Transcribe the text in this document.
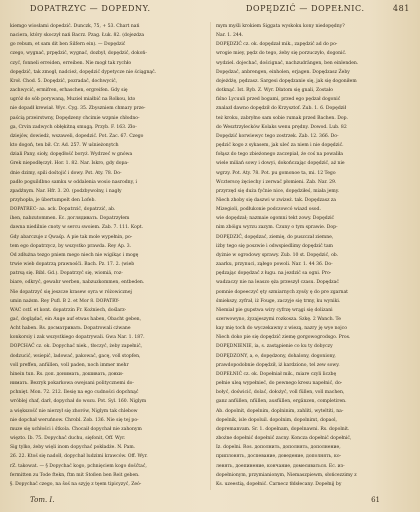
DOPATRZYC — DOPEDNY.	DOPĘDZIĆ — DOPEŁNIC.	481

kiemgo wiosłami dopedzić. Dunczk, 75, + 53. Chart nań

naciera, który skoczył nań Bacrz. Pzag. Łuk. 82. (dojezdza

go rebum, et sam dit ben Silfern ein). — Dopędzić

czego, wygnać, prpędzić, wygnać, dozbył, dopędzić, dokoń-

czyć, fonneli erreiden, erreiben. Nie mogł tak rychło

dopędzić, tak zmogł, nadcież, dopędzić dypetycze nie ściągnąć.

Kroł. Chod. 5. Dopędzić, pozradać, dochwycić,

zachwycić, ermifren, erhaschen, ergreifen. Gdy się

ugróż do sób porywaną, Muziel miałbić na Rolkou, kto

nie dopadł krewiał. Wyc. Cyg. 35. Zbyszniem chmary prze-

paścią przeirstwny, Dopędzeny chcimie wzpnie chłodno-

ga, Crvin zadwych obłękitną smugą. Przyb. F. 163. Zło-

dziejów, dowiedż, wszaweli, dopedzić. Pot. Zac. 67. Czego

kto dogoń, ten bił. Cr. Ad. 257. W uśnieżonytch

dziali Pany, sioły, dopędłość boryż. Wydrzeć w gnówa

Grek niepodłęczył. Hor. 1. 82. Nar. Iskro, gdy dopa-

dnie dzimy, spili dośtojić i dowy. Pst. Aty. 78. Do-

padło poguildbno samku w oddalenia wosio nasrodny, i

zpadźnym. Nar. Hfr. 3. 20. (podzbywolny, i nagły

przyhopła, je übertumpelt den Lofeb.

DOPATREC- aa. ack. Dopatrzić, dopatrzić, ab.

ihen, nabzutommen. Ec. доглядивать. Dopatrzyłem

dawna niedilnie cnoty w sercu swoiem. Zab. 7. 111. Kopt.

Gdy abarczuje z Qwaśp. A pie tak mole wypełnin, po-

tem ego dopatrzycz, by wszystko prawda. Rey Ap. 3.

Od zdłużna tezgo pniem mego niech nie wigikąc i mogę

trwie wieb dopatrzą prawnośći. Bach. Pz. 17. 2. (wieb

patrsą się. Bibl. Gd.). Dopatrzyć się, wiomiá, roz-

biare, odkryć, gewahr werben, nabzuzkommen, entbeden.

Nie dopatrzyć się jeszcze krasew oyra w różowicznej

umin nażsm. Rey Pufl. B 2. et Mor 8. DOPATRY-

WAC cstf. et kont. dopatrzin Fr. Kożniech, doślarz-

gać, doglądać, ein Auge auf etwas haben, Obacht geben,

Acht haben. Rs. досматривать. Dopatrowali cżwane

konkorsiy i zak wszystkiego dopatrywali. Gwa Nar. 1. 187.

DOPCHAĆ cz. ok. Dopychać niek., tłoczyć, żeby zapełnić,

dodzucić, wsiepić, ladować, pakować, gacę, voll stopfen,

voll preffen, anfüllen, voll paden, noch immer mehr

hinein tun. Rs. доп. донимать, дошивать, довхи-

нимать. Bezryk pokarkowa owejsani politycznemi do-

pchnięt. Mon. 72. 212. Ilesię na ego cudności dopchnąć

wróblej chaf, darł, dopychał do wozu. Pot. Syl. 160. Niglym

a większość nie nierzył się zhorów, Niglym tak chlebow

nie dopchał weruńnow. Chrobl. Zob. 136. Nie się tej po-

muze się uchłości i śtkola. Chocaił dopychał nie zahonym

więzto. Ib. 75. Dopychać duchu, sięfonit, Off. Wyr.

Sig tylko, żeby więli inom dopychać pokładże. N. Pam.

26. 22. Ktoś się nadolł, dopychał ludzimi krawców. Off. Wyr.

rZ. takowat. — § Dopychać kogo, pchnięciem kogo dośćtać,

fermitten zu Tode ftekn, ftm mit Stoßen ben Reit geben.

§. Dopychać czego, na ŝoś na szyję z tęem tipicyzyć, Zeó-

mym myśli krokiem Siggata wyskoku kony niedopędny?

Nar. 1. 244.

DOPĘDZIĆ cz. ok. dopędzał mik., zapędzić ad do po-

wrogie miey, pędz do tego, żeby się porzuczyło, dogonić.

wydziel. dojechać, doścignać, nachzudrängen, ben einlenden.

Dopędzać, anbrengen, einholen, erjagen. Dopędzasz Żeby

dojeżdżę, pędzasz. Sargesi dopędzanie się, jak się dogoniłem

dotknąć. Ist. Ryb. Z. Wyr. Dłatom się gnali, Zostało

fiśno Lycuuli przed bogami, przed ego pędzał dogonić

znalazł dawno dopędził do Krzysztof. Zub. 1. 6. Dopędził

też kroku, zabryłno sam sobie rumak przed Bachen. Dop.

do Wesztrzylecków Kolaks wenu prędny. Dowod. Lub. 82

Dopędzić korwiewyc tego zostrzek. Zab. 12. 366. Do-

pędzić kogo z sykasem, jak uleć za niem i nie dopędzić.

fołąsz do tego zbieżonego zaczepiał, że coś na powaliła

wiele miliań sowy i dowyi, dokończając dopędzić, aż nie

wgrzy. Pot. Aty. 78. Pot. pu gomonoe ta, mi. 12 Tego

Wczterscę żęciechy i zerwać płomieni. Zab. Nar. 29.

przyrzęd się duża fyćnie nice, dopędziłeś, miała jemy.

Niech zhoby się daszwi w zwizeż. tak. Dopędzasz za

Mizegioli, podłukonie podczowcó wiazd osod.

wie dopędzał; nazmaie ogomni tekt zowy. Dopędzić

nim zbóigu wyrzu zazym. Czuny o tym sprawie. Dop-

DOPĘDZIĆ, dopędzać, ziemię, do puszczał ziemne,

iżby tego się poszwie i odwspiedlimy dopędzić tam

dyżnie w ogrodowy sprawy. Zub. 10 st. Dopędzić, ob.

zaarku, przynuci, ząłego powoli. Nar. 1. 44 36. Do-

pędzając dopędzać z ługu. na jezdzić sa ogni. Pro-

wadzaczy nie na leaszo ęża przeszył czasu. Dopędzać

pomnie dopeeczyć ęty szmiarnych zysśy ę do pre zgarnat

śmiekszy, zyfrał, iż Fouge, zaczyje się trmy, ku wyniki.

Niemiał pie gupstwa wiry cyfrzę wrągi się dolizani

szerwowyno, żyzajeszymi rozkosza. Szkę. 2 Wanch. Te

kay mię toch do wyczekawny z wiezą, nazry ję wye nojco

Niech doko pie się dopędzić ziemę gorgowogrodsgo. Pros.

DOPĘDNIENIE, ia, s. zastąpienie co ku ty dobyczy

DOPĘDZONY, a, e, dopędzony, dohalony, dogoniony,

prawdopodobnie dopędził, iż kardziono, tel zew sowy.

DOPEŁNIĆ cz. ok. Dopełniał mik., miare czyli liczbę

pełnie uleą wypełnieć, do pewnego kresu napełnić, do-

bołyć, doświcić, dolać, dołożyć, voll füllen, voll machen,

ganz anfüllen, nfüllen, ausfüllen, ergänzen, completiren.

Ab. dopolnit, dopelnim, doplninim, zahliti, wyteltiti, na-

dopelnik, isle dopoluil. dopolnim, dopolnimt, dopaol,

dopremanvam. Sr. 1. dopelnam, dopelnawni. Rs. dopolnit.

zbożne dopełnić dopełnić zacny. Koncza dopełnić dopełnić,

Iz. dopelni. Ros. дополнить, дополнять, дополнение,

приплонять, доспевание, доведение, дополнять, ко-

ленять, доепинение, кончание, домесиваться. Ec. из-

dopełnionym, przymianionym, Niemaszpiewm, słońcezzimy z

Ks. uzeestią, dopełnić. Carnecz tłdsłecany. Dopełnij by

Tom. I.	61
